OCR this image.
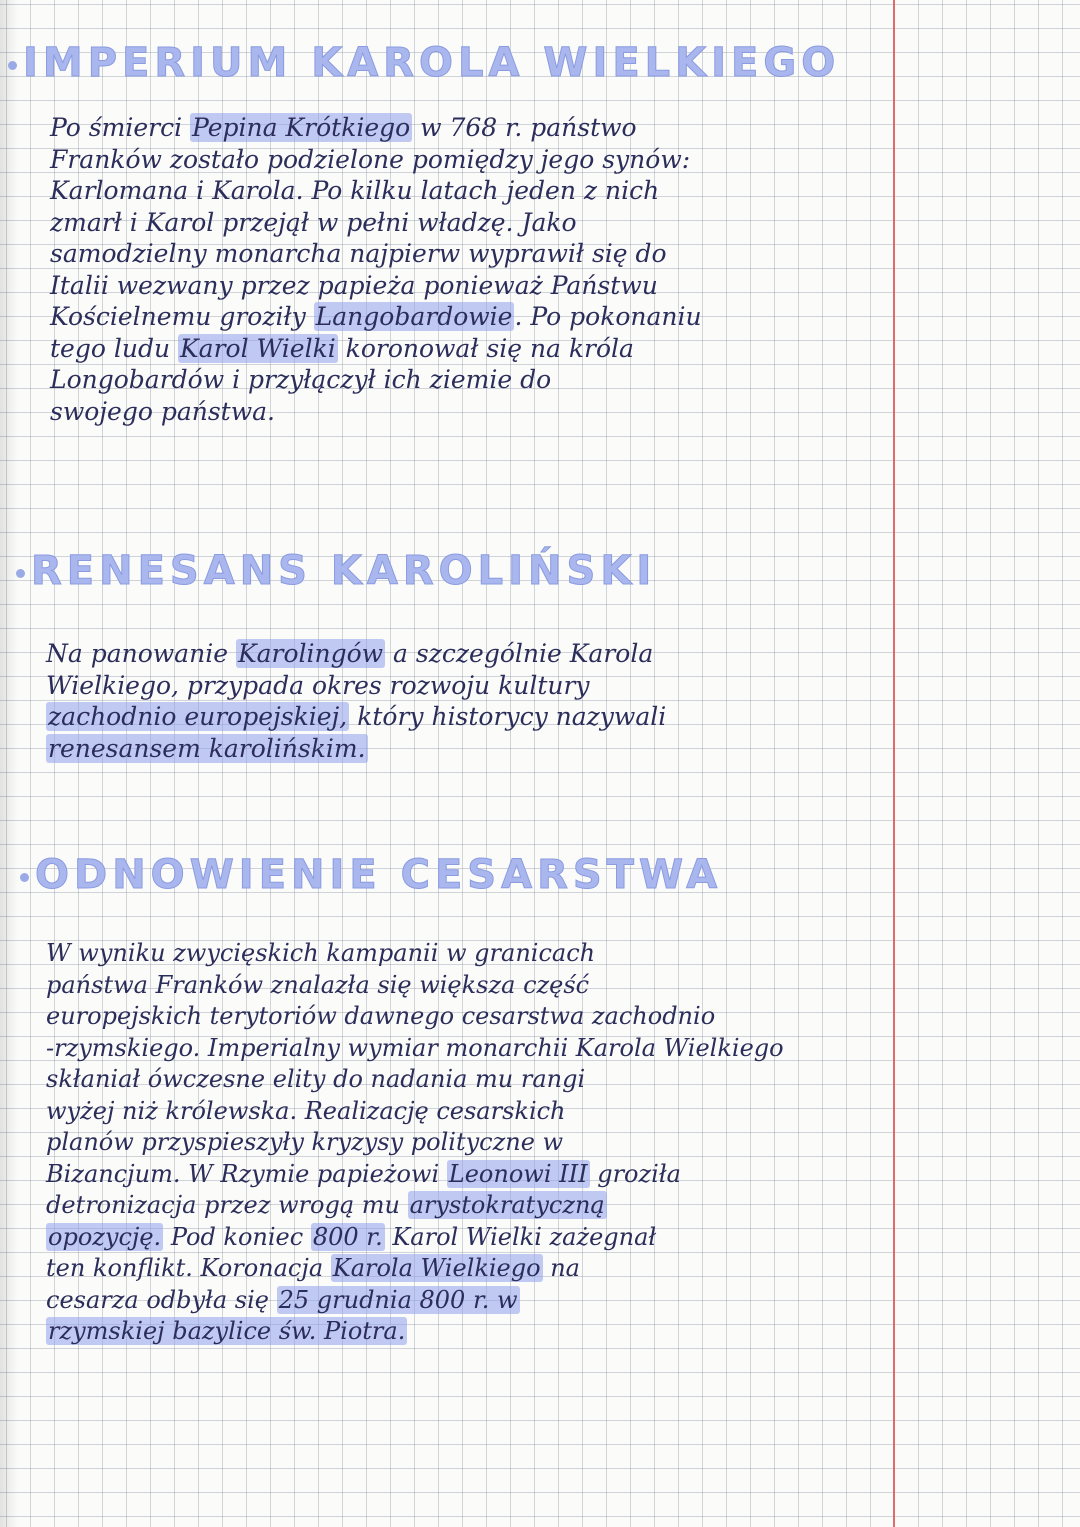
IMPERIUM KAROLA WIELKIEGO
Po śmierci Pepina Krótkiego w 768 r. państwo
Franków zostało podzielone pomiędzy jego synów:
Karlomana i Karola. Po kilku latach jeden z nich
zmarł i Karol przejął w pełni władzę. Jako
samodzielny monarcha najpierw wyprawił się do
Italii wezwany przez papieża ponieważ Państwu
Kościelnemu groziły Langobardowie. Po pokonaniu
tego ludu Karol Wielki koronował się na króla
Longobardów i przyłączył ich ziemie do
swojego państwa.
RENESANS KAROLIŃSKI
Na panowanie Karolingów a szczególnie Karola
Wielkiego, przypada okres rozwoju kultury
zachodnio europejskiej, który historycy nazywali
renesansem karolińskim.
ODNOWIENIE CESARSTWA
W wyniku zwycięskich kampanii w granicach
państwa Franków znalazła się większa część
europejskich terytoriów dawnego cesarstwa zachodnio
-rzymskiego. Imperialny wymiar monarchii Karola Wielkiego
skłaniał ówczesne elity do nadania mu rangi
wyżej niż królewska. Realizację cesarskich
planów przyspieszyły kryzysy polityczne w
Bizancjum. W Rzymie papieżowi Leonowi III groziła
detronizacja przez wrogą mu arystokratyczną
opozycję. Pod koniec 800 r. Karol Wielki zażegnał
ten konflikt. Koronacja Karola Wielkiego na
cesarza odbyła się 25 grudnia 800 r. w
rzymskiej bazylice św. Piotra.
